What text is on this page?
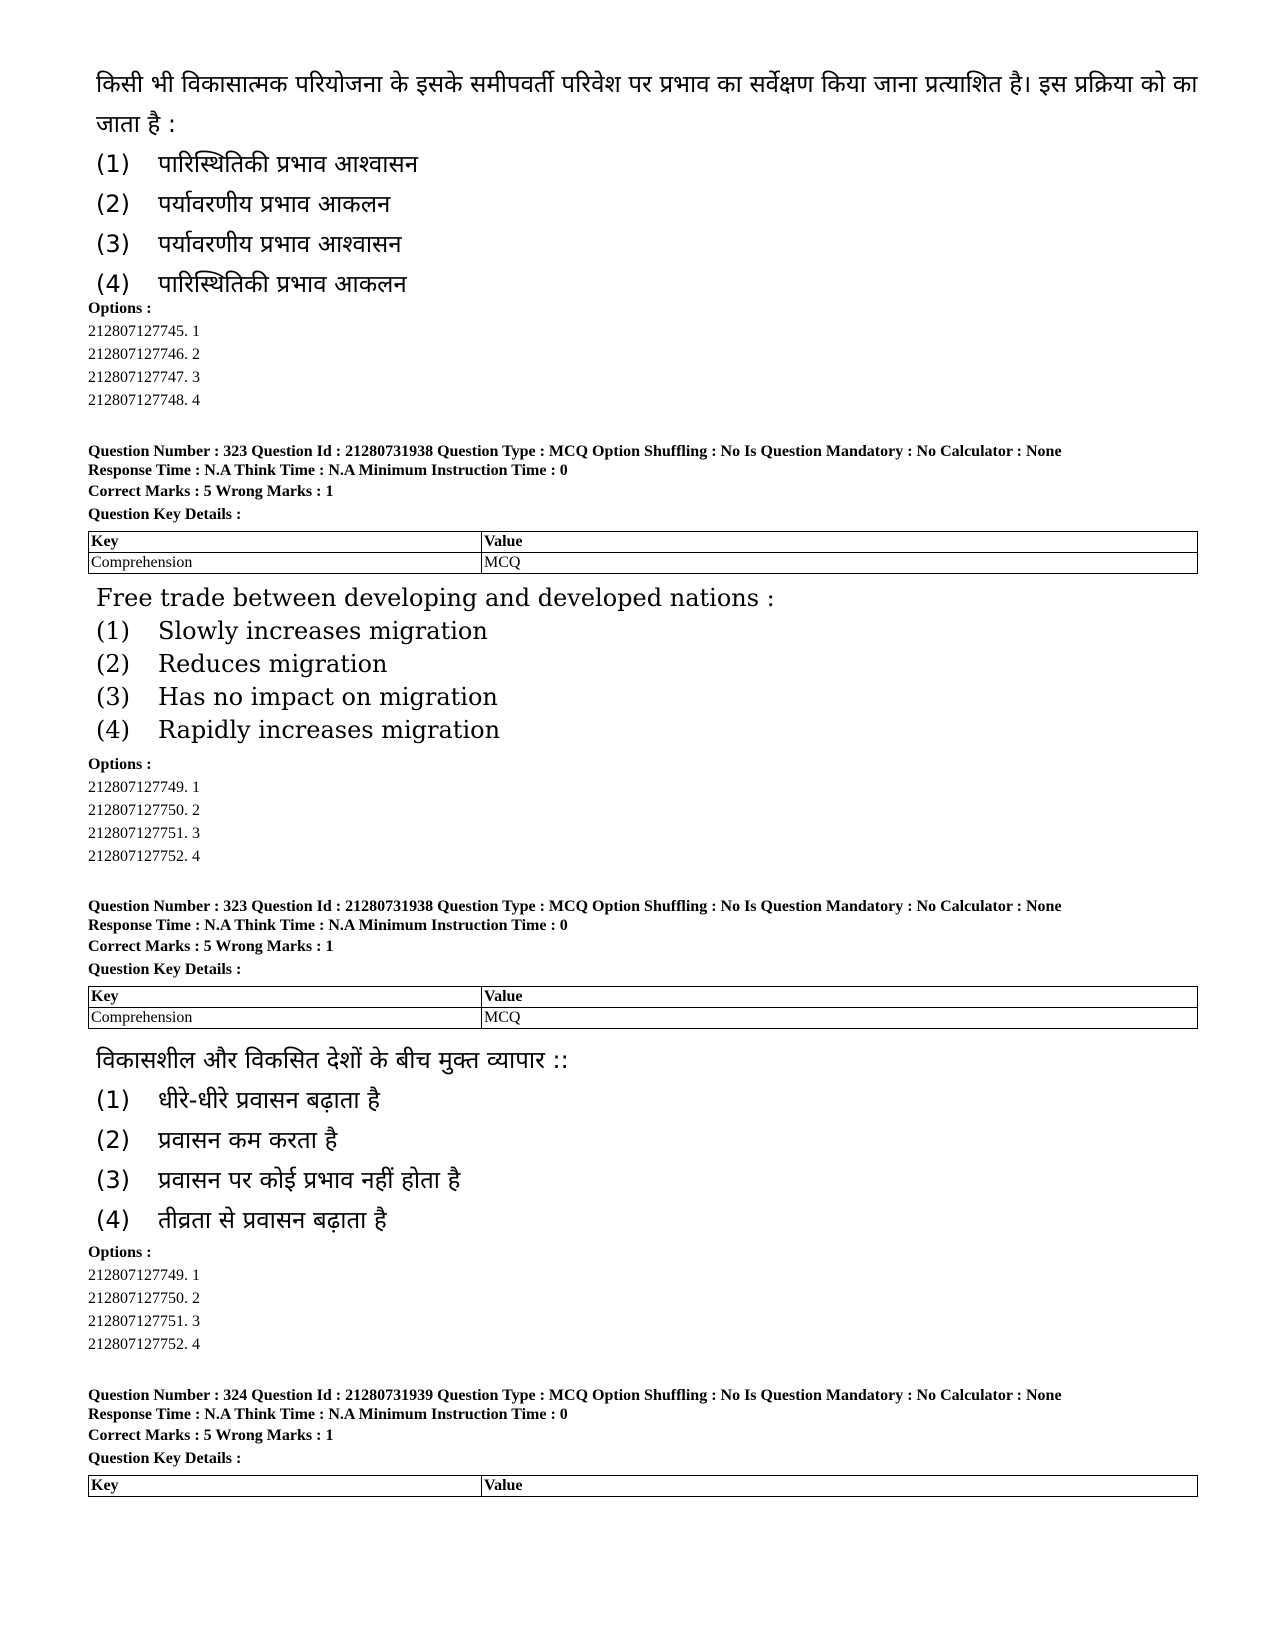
किसी भी विकासात्मक परियोजना के इसके समीपवर्ती परिवेश पर प्रभाव का सर्वेक्षण किया जाना प्रत्याशित है। इस प्रक्रिया को का जाता है :
(1)	पारिस्थितिकी प्रभाव आश्वासन
(2)	पर्यावरणीय प्रभाव आकलन
(3)	पर्यावरणीय प्रभाव आश्वासन
(4)	पारिस्थितिकी प्रभाव आकलन
Options :
212807127745. 1
212807127746. 2
212807127747. 3
212807127748. 4
Question Number : 323 Question Id : 21280731938 Question Type : MCQ Option Shuffling : No Is Question Mandatory : No Calculator : None
Response Time : N.A Think Time : N.A Minimum Instruction Time : 0
Correct Marks : 5 Wrong Marks : 1
Question Key Details :
Key	Value
Comprehension	MCQ
Free trade between developing and developed nations :
(1)	Slowly increases migration
(2)	Reduces migration
(3)	Has no impact on migration
(4)	Rapidly increases migration
Options :
212807127749. 1
212807127750. 2
212807127751. 3
212807127752. 4
Question Number : 323 Question Id : 21280731938 Question Type : MCQ Option Shuffling : No Is Question Mandatory : No Calculator : None
Response Time : N.A Think Time : N.A Minimum Instruction Time : 0
Correct Marks : 5 Wrong Marks : 1
Question Key Details :
Key	Value
Comprehension	MCQ
विकासशील और विकसित देशों के बीच मुक्त व्यापार ::
(1)	धीरे-धीरे प्रवासन बढ़ाता है
(2)	प्रवासन कम करता है
(3)	प्रवासन पर कोई प्रभाव नहीं होता है
(4)	तीव्रता से प्रवासन बढ़ाता है
Options :
212807127749. 1
212807127750. 2
212807127751. 3
212807127752. 4
Question Number : 324 Question Id : 21280731939 Question Type : MCQ Option Shuffling : No Is Question Mandatory : No Calculator : None
Response Time : N.A Think Time : N.A Minimum Instruction Time : 0
Correct Marks : 5 Wrong Marks : 1
Question Key Details :
Key	Value
